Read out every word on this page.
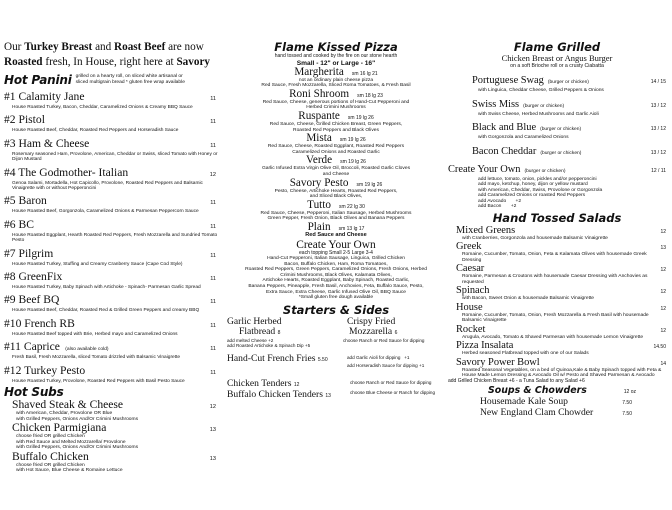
Our Turkey Breast and Roast Beef are now
Roasted fresh, In House, right here at Savory
Hot Panini grilled on a hearty roll, on sliced white artisanal or sliced multigrain bread * gluten free wrap available
#1 Calamity Jane	11
House Roasted Turkey, Bacon, Cheddar, Caramelized Onions & Creamy BBQ Sauce
#2 Pistol	11
House Roasted Beef, Cheddar, Roasted Red Peppers and Horseradish Sauce
#3 Ham & Cheese	11
Rosemary seasoned Ham, Provolone, American, Cheddar or Swiss, sliced Tomato with Honey or Dijon Mustard
#4 The Godmother- Italian	12
Genoa Salami, Mortadella, Hot Capicollo, Provolone, Roasted Red Peppers and Balsamic Vinaigrette with or without Pepperoncini
#5 Baron	11
House Roasted Beef, Gorgonzola, Caramelized Onions & Parmesan Peppercorn Sauce
#6 BC	11
House Roasted Eggplant, Hearth Roasted Red Peppers, Fresh Mozzarella and Sundried Tomato Pesto
#7 Pilgrim	11
House Roasted Turkey, Stuffing and Creamy Cranberry Sauce (Cape Cod Style)
#8 GreenFix	11
House Roasted Turkey, Baby Spinach with Artichoke - Spinach- Parmesan Garlic Spread
#9 Beef BQ	11
House Roasted Beef, Cheddar, Roasted Red & Grilled Green Peppers and creamy BBQ
#10 French RB	11
House Roasted Beef topped with Brie, Herbed mayo and Caramelized Onions
#11 Caprice (also available cold)	11
Fresh Basil, Fresh Mozzarella, sliced Tomato drizzled with Balsamic Vinaigrette
#12 Turkey Pesto	11
House Roasted Turkey, Provolone, Roasted Red Peppers with Basil Pesto Sauce
Hot Subs
Shaved Steak & Cheese	12
with American, Cheddar, Provolone OR Blue
with Grilled Peppers, Onions And/Or Crimini Mushrooms
Chicken Parmigiana	13
choose fried OR grilled Chicken
with Red Sauce and Melted Mozzarella/ Provolone
with Grilled Peppers, Onions And/Or Crimini Mushrooms
Buffalo Chicken	13
choose fried OR grilled Chicken
with Hot Sauce, Blue Cheese & Romaine Lettuce
Flame Kissed Pizza
hand tossed and cooked by the fire on our stone hearth
Small - 12" or Large - 16"
Margherita sm 16 lg 21
not an ordinary plain cheese pizza
Red Sauce, Fresh Mozzarella, Sliced Roma Tomatoes, & Fresh Basil
Roni Shroom sm 18 lg 23
Red Sauce, Cheese, generous portions of Hand-Cut Pepperoni and
Herbed Crimini Mushrooms
Ruspante sm 19 lg 26
Red Sauce, Cheese, Grilled Chicken Breast, Green Peppers,
Roasted Red Peppers and Black Olives
Mista sm 19 lg 26
Red Sauce, Cheese, Roasted Eggplant, Roasted Red Peppers
Caramelized Onions and Roasted Garlic
Verde sm 19 lg 26
Garlic Infused Extra Virgin Olive Oil, Broccoli, Roasted Garlic Cloves
and Cheese
Savory Pesto sm 19 lg 26
Pesto, Cheese, Artichoke Hearts, Roasted Red Peppers,
and Sliced Black Olives,
Tutto sm 22 lg 30
Red Sauce, Cheese, Pepperoni, Italian Sausage, Herbed Mushrooms
Green Pepper, Fresh Onion, Black Olives and Banana Peppers
Plain sm 13 lg 17
Red Sauce and Cheese
Create Your Own
each topping Small 2-5 Large 3-4
Hand-Cut Pepperoni, Italian Sausage, Linguica, Grilled Chicken
Bacon, Buffalo Chicken, Ham, Roma Tomatoes,
Roasted Red Peppers, Green Peppers, Caramelized Onions, Fresh Onions, Herbed
Crimini Mushrooms, Black Olives, Kalamata Olives,
Artichoke Hearts, Roasted Eggplant, Baby Spinach, Roasted Garlic,
Banana Peppers, Pineapple, Fresh Basil, Anchovies, Feta, Buffalo Sauce, Pesto,
Extra Sauce, Extra Cheese, Garlic Infused Olive Oil, BBQ Sauce
*Small gluten free dough available
Starters & Sides
Garlic Herbed
Flatbread 8
add melted Cheese +2
add Roasted Artichoke & Spinach Dip +5
Crispy Fried
Mozzarella 6
choose Ranch or Red Sauce for dipping
Hand-Cut French Fries 5.50	add Garlic Aioli for dipping +1
add Horseradish Sauce for dipping +1
Chicken Tenders 12
Buffalo Chicken Tenders 13
choose Ranch or Red Sauce for dipping
choose Blue Cheese or Ranch for dipping
Flame Grilled
Chicken Breast or Angus Burger
on a soft Brioche roll or a crusty Ciabatta
Portuguese Swag (burger or chicken)	14 / 15
with Linguica, Cheddar Cheese, Grilled Peppers & Onions
Swiss Miss (burger or chicken)	13 / 12
with Swiss Cheese, Herbed Mushrooms and Garlic Aioli
Black and Blue (burger or chicken)	13 / 12
with Gorgonzola and Caramelized Onions
Bacon Cheddar (burger or chicken)	13 / 12
Create Your Own (burger or chicken)	12 / 11
add lettuce, tomato, onion, pickles and/or pepperoncini
add mayo, ketchup, honey, dijon or yellow mustard
with American, Cheddar, Swiss, Provolone or Gorgonzola
add Caramelized Onions or roasted Red Peppers
add Avocado +2
add Bacon +2
Hand Tossed Salads
Mixed Greens	12
with Cranberries, Gorgonzola and housemade Balsamic Vinaigrette
Greek	13
Romaine, Cucumber, Tomato, Onion, Feta & Kalamata Olives with housemade Greek Dressing
Caesar	12
Romaine, Parmesan & Croutons with housemade Caesar Dressing with Anchovies as requested
Spinach	12
with Bacon, Sweet Onion & housemade Balsamic Vinaigrette
House	12
Romaine, Cucumber, Tomato, Onion, Fresh Mozzarella & Fresh Basil with housemade Balsamic Vinaigrette
Rocket	12
Arugula, Avocado, Tomato & Shaved Parmesan with housemade Lemon Vinaigrette
Pizza Insalata	14.50
Herbed seasoned Flatbread topped with one of our Salads
Savory Power Bowl	14
Roasted Seasonal Vegetables, on a bed of Quinoa,Kale & Baby Spinach topped with Feta & House Made Lemon Dressing & Avocado Oil w/ Pesto and Shaved Parmesan & Avocado
add Grilled Chicken Breast +6 - a Tuna Salad to any Salad +6
Soups & Chowders	12 oz
Housemade Kale Soup	7.50
New England Clam Chowder	7.50
